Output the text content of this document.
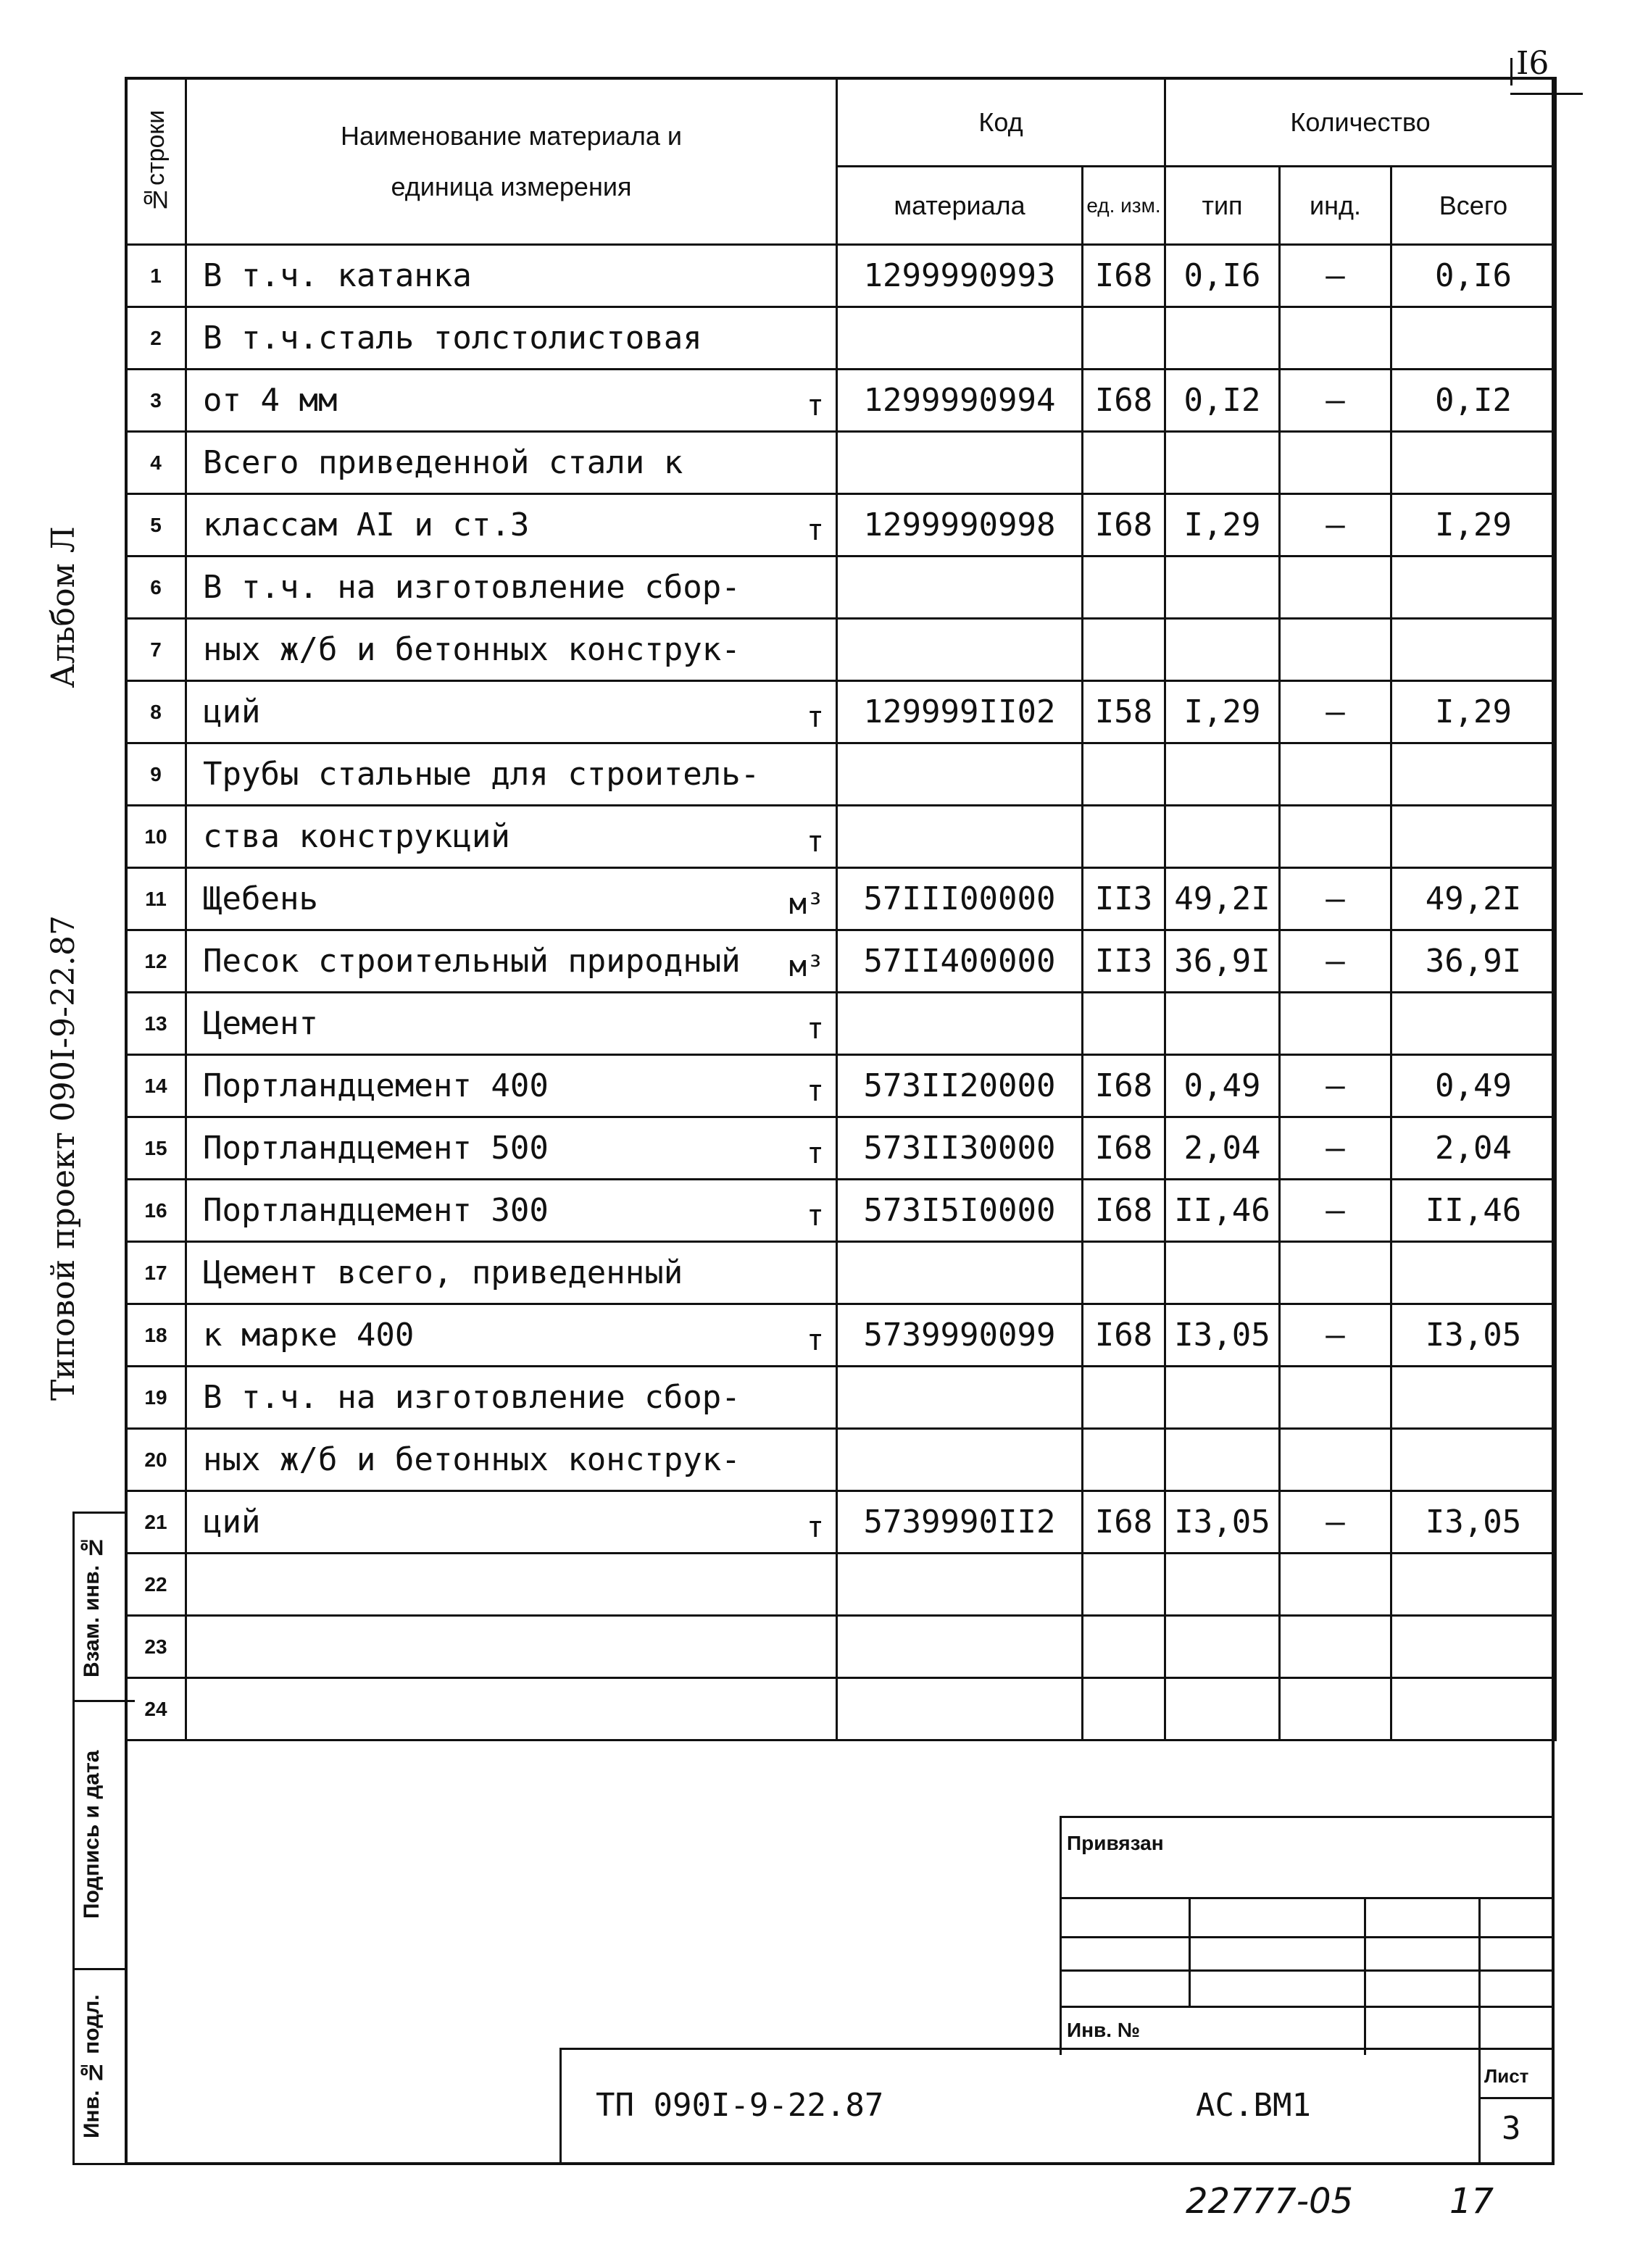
I6
Альбом Л
Типовой проект 090I-9-22.87
№строки	Наименование материала и единица измерения	Код		Количество		
		материала	ед. изм.	тип	инд.	Всего
1	В т.ч. катанка	1299990993	I68	0,I6	–	0,I6
2	В т.ч.сталь толстолистовая

3	от 4 мм т	1299990994	I68	0,I2	–	0,I2
4	Всего приведенной стали к

5	классам AI и ст.3 т	1299990998	I68	I,29	–	I,29
6	В т.ч. на изготовление сбор-

7	ных ж/б и бетонных конструк-

8	ций т	129999II02	I58	I,29	–	I,29
9	Трубы стальные для строитель-

10	ства конструкций т					

11	Щебень м³	57III00000	II3	49,2I	–	49,2I
12	Песок строительный природный м³	57II400000	II3	36,9I	–	36,9I
13	Цемент т					

14	Портландцемент 400 т	573II20000	I68	0,49	–	0,49
15	Портландцемент 500 т	573II30000	I68	2,04	–	2,04
16	Портландцемент 300 т	573I5I0000	I68	II,46	–	II,46
17	Цемент всего, приведенный

18	к марке 400 т	5739990099	I68	I3,05	–	I3,05
19	В т.ч. на изготовление сбор-

20	ных ж/б и бетонных конструк-

21	ций т	5739990II2	I68	I3,05	–	I3,05
22	

23	

24	

Взам. инв. №
Подпись и дата
Инв. № подл.
Привязан
Инв. №
Лист
3
ТП 090I-9-22.87	АС.ВМ1
22777-05	17
